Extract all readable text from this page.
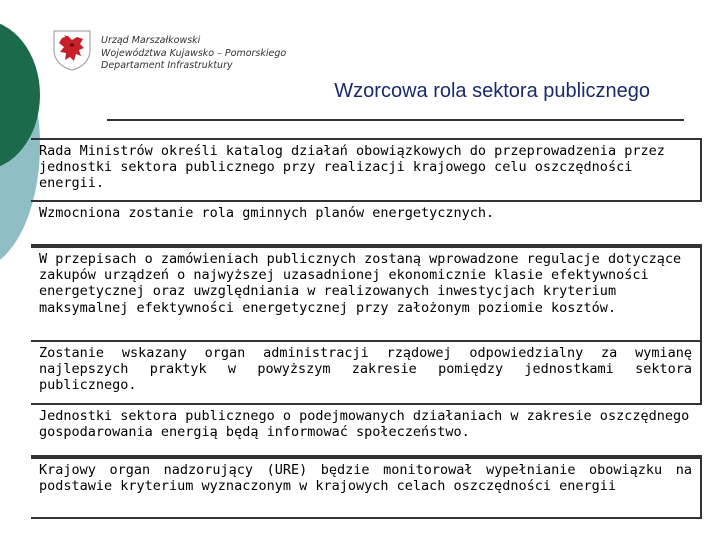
Urząd Marszałkowski
Województwa Kujawsko – Pomorskiego
Departament Infrastruktury
Wzorcowa rola sektora publicznego
Rada Ministrów określi katalog działań obowiązkowych do przeprowadzenia przez jednostki sektora publicznego przy realizacji krajowego celu oszczędności energii.
Wzmocniona zostanie rola gminnych planów energetycznych.
W przepisach o zamówieniach publicznych zostaną wprowadzone regulacje dotyczące zakupów urządzeń o najwyższej uzasadnionej ekonomicznie klasie efektywności energetycznej oraz uwzględniania w realizowanych inwestycjach kryterium maksymalnej efektywności energetycznej przy założonym poziomie kosztów.
Zostanie wskazany organ administracji rządowej odpowiedzialny za wymianę najlepszych praktyk w powyższym zakresie pomiędzy jednostkami sektora publicznego.
Jednostki sektora publicznego o podejmowanych działaniach w zakresie oszczędnego gospodarowania energią będą informować społeczeństwo.
Krajowy organ nadzorujący (URE) będzie monitorował wypełnianie obowiązku na podstawie kryterium wyznaczonym w krajowych celach oszczędności energii
